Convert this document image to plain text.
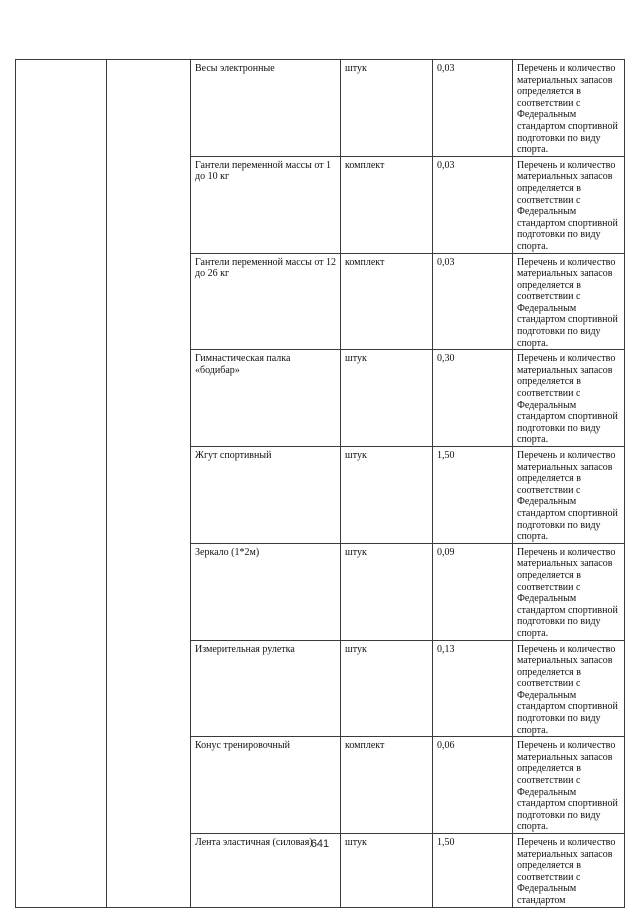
		Весы электронные	штук	0,03	Перечень и количество материальных запасов определяется в соответствии с Федеральным стандартом спортивной подготовки по виду спорта.
		Гантели переменной массы от 1 до 10 кг	комплект	0,03	Перечень и количество материальных запасов определяется в соответствии с Федеральным стандартом спортивной подготовки по виду спорта.
		Гантели переменной массы от 12 до 26 кг	комплект	0,03	Перечень и количество материальных запасов определяется в соответствии с Федеральным стандартом спортивной подготовки по виду спорта.
		Гимнастическая палка «бодибар»	штук	0,30	Перечень и количество материальных запасов определяется в соответствии с Федеральным стандартом спортивной подготовки по виду спорта.
		Жгут спортивный	штук	1,50	Перечень и количество материальных запасов определяется в соответствии с Федеральным стандартом спортивной подготовки по виду спорта.
		Зеркало (1*2м)	штук	0,09	Перечень и количество материальных запасов определяется в соответствии с Федеральным стандартом спортивной подготовки по виду спорта.
		Измерительная рулетка	штук	0,13	Перечень и количество материальных запасов определяется в соответствии с Федеральным стандартом спортивной подготовки по виду спорта.
		Конус тренировочный	комплект	0,06	Перечень и количество материальных запасов определяется в соответствии с Федеральным стандартом спортивной подготовки по виду спорта.
		Лента эластичная (силовая)	штук	1,50	Перечень и количество материальных запасов определяется в соответствии с Федеральным стандартом
641
